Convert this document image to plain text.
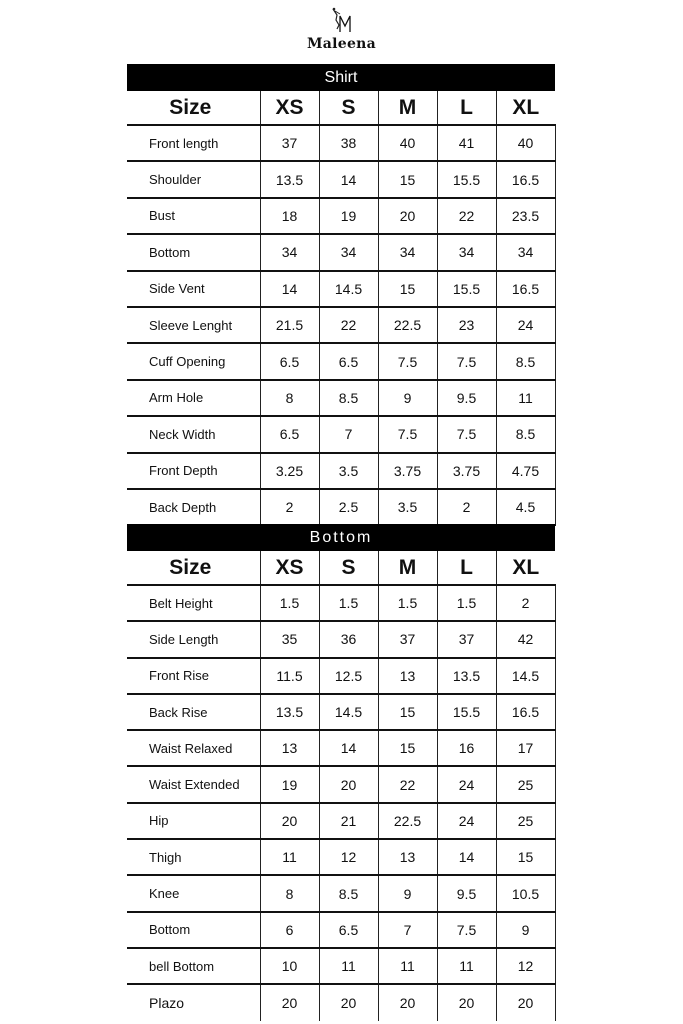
Maleena
Shirt
Size	XS	S	M	L	XL
Front length	37	38	40	41	40
Shoulder	13.5	14	15	15.5	16.5
Bust	18	19	20	22	23.5
Bottom	34	34	34	34	34
Side Vent	14	14.5	15	15.5	16.5
Sleeve Lenght	21.5	22	22.5	23	24
Cuff Opening	6.5	6.5	7.5	7.5	8.5
Arm Hole	8	8.5	9	9.5	11
Neck Width	6.5	7	7.5	7.5	8.5
Front Depth	3.25	3.5	3.75	3.75	4.75
Back Depth	2	2.5	3.5	2	4.5
Bottom
Size	XS	S	M	L	XL
Belt Height	1.5	1.5	1.5	1.5	2
Side Length	35	36	37	37	42
Front Rise	11.5	12.5	13	13.5	14.5
Back Rise	13.5	14.5	15	15.5	16.5
Waist Relaxed	13	14	15	16	17
Waist Extended	19	20	22	24	25
Hip	20	21	22.5	24	25
Thigh	11	12	13	14	15
Knee	8	8.5	9	9.5	10.5
Bottom	6	6.5	7	7.5	9
bell Bottom	10	11	11	11	12
Plazo	20	20	20	20	20
